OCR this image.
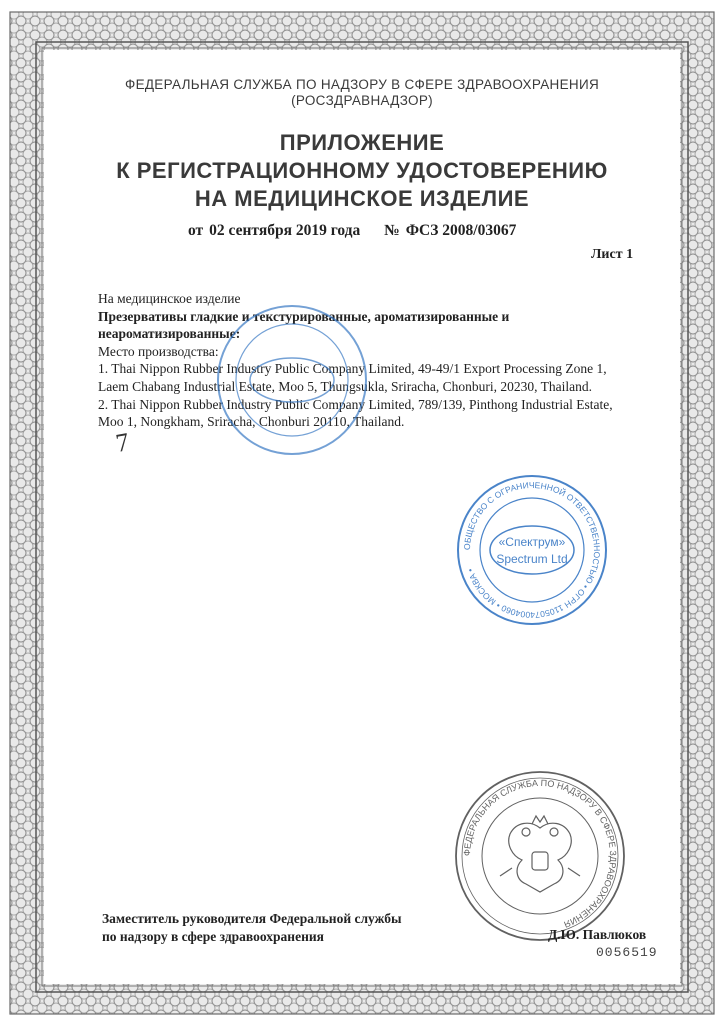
ФЕДЕРАЛЬНАЯ СЛУЖБА ПО НАДЗОРУ В СФЕРЕ ЗДРАВООХРАНЕНИЯ
(РОСЗДРАВНАДЗОР)
ПРИЛОЖЕНИЕ
К РЕГИСТРАЦИОННОМУ УДОСТОВЕРЕНИЮ
НА МЕДИЦИНСКОЕ ИЗДЕЛИЕ
от 02 сентября 2019 года № ФСЗ 2008/03067
Лист 1
На медицинское изделие
Презервативы гладкие и текстурированные, ароматизированные и
неароматизированные:
Место производства:
1. Thai Nippon Rubber Industry Public Company Limited, 49-49/1 Export Processing Zone 1,
Laem Chabang Industrial Estate, Moo 5, Thungsukla, Sriracha, Chonburi, 20230, Thailand.
2. Thai Nippon Rubber Industry Public Company Limited, 789/139, Pinthong Industrial Estate,
Moo 1, Nongkham, Sriracha, Chonburi 20110, Thailand.
7
ОБЩЕСТВО С ОГРАНИЧЕННОЙ ОТВЕТСТВЕННОСТЬЮ • ОГРН 1105074004060 • МОСКВА •
«Спектрум»
Spectrum Ltd
ФЕДЕРАЛЬНАЯ СЛУЖБА ПО НАДЗОРУ В СФЕРЕ ЗДРАВООХРАНЕНИЯ
Заместитель руководителя Федеральной службы
по надзору в сфере здравоохранения	Д.Ю. Павлюков
0056519
